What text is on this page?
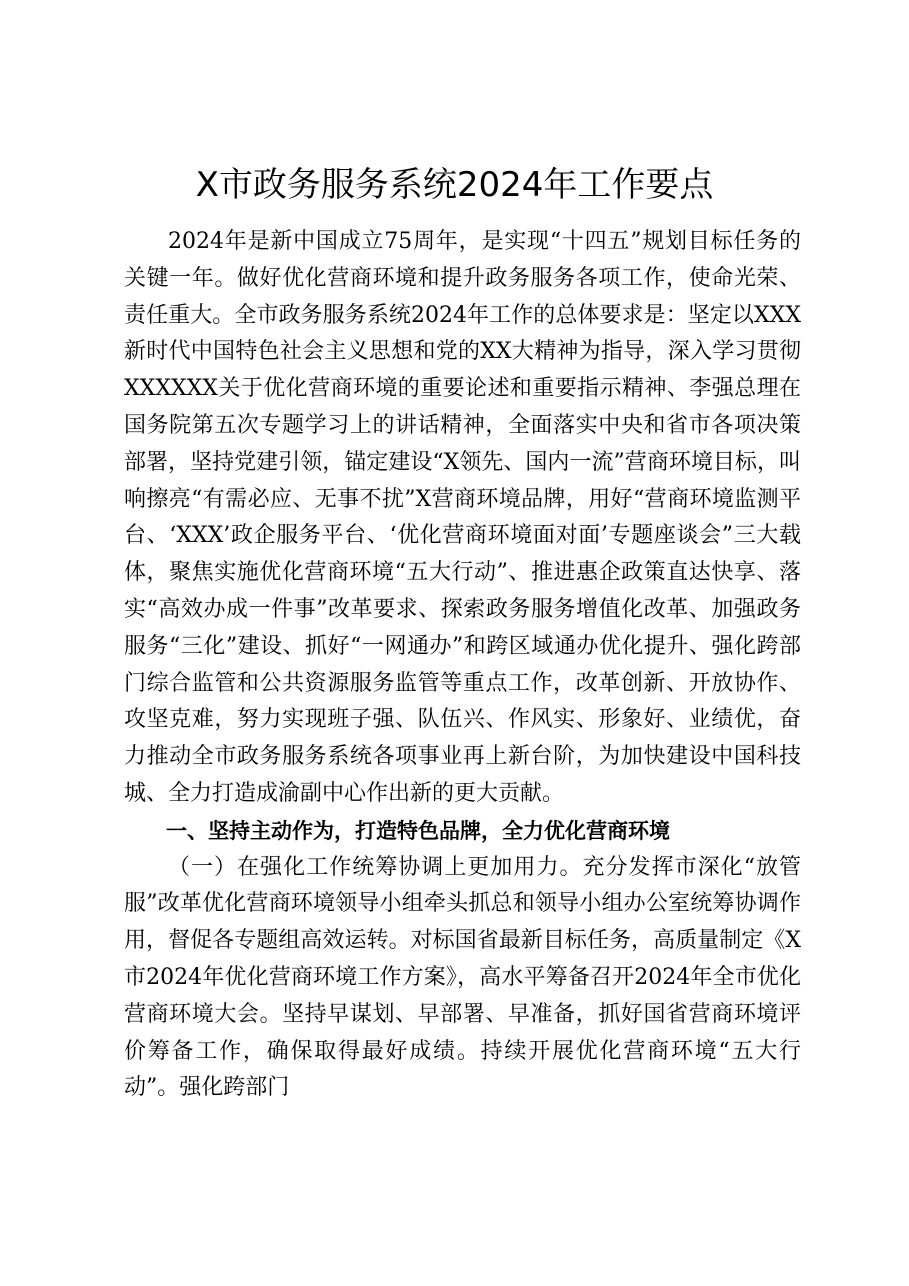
X市政务服务系统2024年工作要点

2024年是新中国成立75周年，是实现“十四五”规划目标任务的关键一年。做好优化营商环境和提升政务服务各项工作，使命光荣、责任重大。全市政务服务系统2024年工作的总体要求是：坚定以XXX新时代中国特色社会主义思想和党的XX大精神为指导，深入学习贯彻XXXXXX关于优化营商环境的重要论述和重要指示精神、李强总理在国务院第五次专题学习上的讲话精神，全面落实中央和省市各项决策部署，坚持党建引领，锚定建设“X领先、国内一流”营商环境目标，叫响擦亮“有需必应、无事不扰”X营商环境品牌，用好“营商环境监测平台、‘XXX’政企服务平台、‘优化营商环境面对面’专题座谈会”三大载体，聚焦实施优化营商环境“五大行动”、推进惠企政策直达快享、落实“高效办成一件事”改革要求、探索政务服务增值化改革、加强政务服务“三化”建设、抓好“一网通办”和跨区域通办优化提升、强化跨部门综合监管和公共资源服务监管等重点工作，改革创新、开放协作、攻坚克难，努力实现班子强、队伍兴、作风实、形象好、业绩优，奋力推动全市政务服务系统各项事业再上新台阶，为加快建设中国科技城、全力打造成渝副中心作出新的更大贡献。

一、坚持主动作为，打造特色品牌，全力优化营商环境

（一）在强化工作统筹协调上更加用力。充分发挥市深化“放管服”改革优化营商环境领导小组牵头抓总和领导小组办公室统筹协调作用，督促各专题组高效运转。对标国省最新目标任务，高质量制定《X市2024年优化营商环境工作方案》，高水平筹备召开2024年全市优化营商环境大会。坚持早谋划、早部署、早准备，抓好国省营商环境评价筹备工作，确保取得最好成绩。持续开展优化营商环境“五大行动”。强化跨部门
